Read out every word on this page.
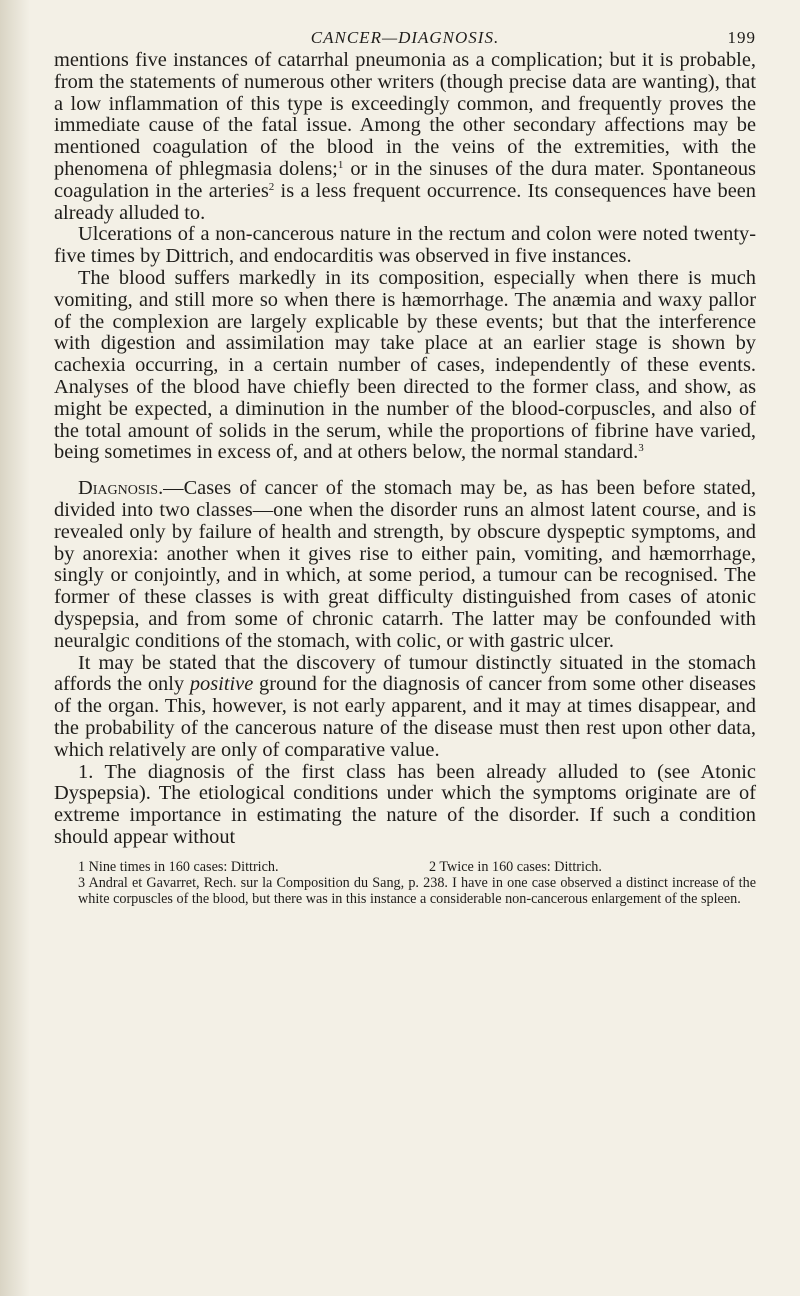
CANCER—DIAGNOSIS.	199

mentions five instances of catarrhal pneumonia as a complication; but it is probable, from the statements of numerous other writers (though precise data are wanting), that a low inflammation of this type is exceedingly common, and frequently proves the immediate cause of the fatal issue. Among the other secondary affections may be mentioned coagulation of the blood in the veins of the extremities, with the phenomena of phlegmasia dolens;$^1$ or in the sinuses of the dura mater. Spontaneous coagulation in the arteries$^2$ is a less frequent occurrence. Its consequences have been already alluded to.

Ulcerations of a non-cancerous nature in the rectum and colon were noted twenty-five times by Dittrich, and endocarditis was observed in five instances.

The blood suffers markedly in its composition, especially when there is much vomiting, and still more so when there is hæmorrhage. The anæmia and waxy pallor of the complexion are largely explicable by these events; but that the interference with digestion and assimilation may take place at an earlier stage is shown by cachexia occurring, in a certain number of cases, independently of these events. Analyses of the blood have chiefly been directed to the former class, and show, as might be expected, a diminution in the number of the blood-corpuscles, and also of the total amount of solids in the serum, while the proportions of fibrine have varied, being sometimes in excess of, and at others below, the normal standard.$^3$

Diagnosis.—Cases of cancer of the stomach may be, as has been before stated, divided into two classes—one when the disorder runs an almost latent course, and is revealed only by failure of health and strength, by obscure dyspeptic symptoms, and by anorexia: another when it gives rise to either pain, vomiting, and hæmorrhage, singly or conjointly, and in which, at some period, a tumour can be recognised. The former of these classes is with great difficulty distinguished from cases of atonic dyspepsia, and from some of chronic catarrh. The latter may be confounded with neuralgic conditions of the stomach, with colic, or with gastric ulcer.

It may be stated that the discovery of tumour distinctly situated in the stomach affords the only positive ground for the diagnosis of cancer from some other diseases of the organ. This, however, is not early apparent, and it may at times disappear, and the probability of the cancerous nature of the disease must then rest upon other data, which relatively are only of comparative value.

1. The diagnosis of the first class has been already alluded to (see Atonic Dyspepsia). The etiological conditions under which the symptoms originate are of extreme importance in estimating the nature of the disorder. If such a condition should appear without

1 Nine times in 160 cases: Dittrich.	2 Twice in 160 cases: Dittrich.
3 Andral et Gavarret, Rech. sur la Composition du Sang, p. 238. I have in one case observed a distinct increase of the white corpuscles of the blood, but there was in this instance a considerable non-cancerous enlargement of the spleen.
